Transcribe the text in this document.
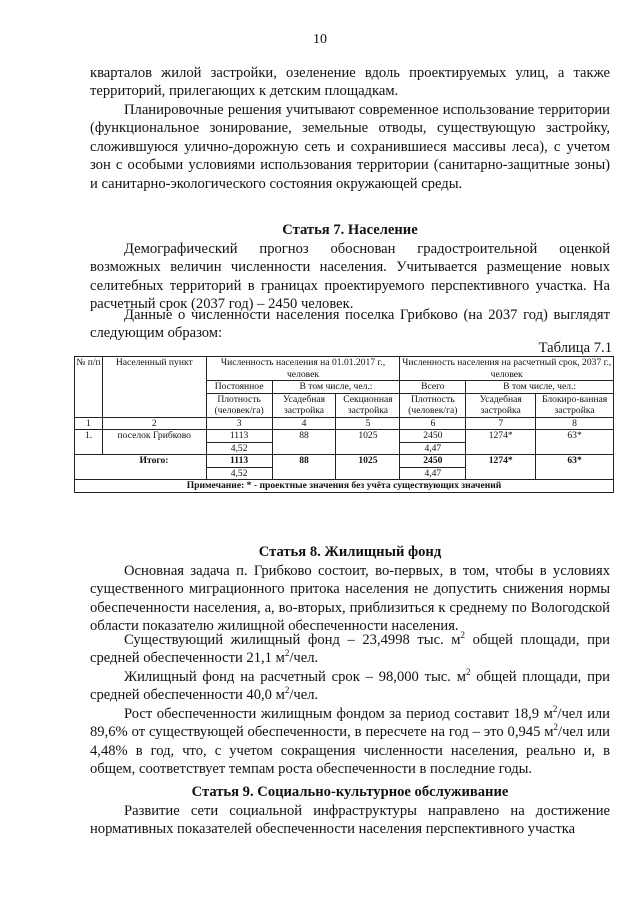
10
кварталов жилой застройки, озеленение вдоль проектируемых улиц, а также территорий, прилегающих к детским площадкам.
Планировочные решения учитывают современное использование территории (функциональное зонирование, земельные отводы, существующую застройку, сложившуюся улично-дорожную сеть и сохранившиеся массивы леса), с учетом зон с особыми условиями использования территории (санитарно-защитные зоны) и санитарно-экологического состояния окружающей среды.
Статья 7. Население
Демографический прогноз обоснован градостроительной оценкой возможных величин численности населения. Учитывается размещение новых селитебных территорий в границах проектируемого перспективного участка. На расчетный срок (2037 год) – 2450 человек.
Данные о численности населения поселка Грибково (на 2037 год) выглядят следующим образом:
Таблица 7.1
№ п/п	Населенный пункт	Численность населения на 01.01.2017 г., человек			Численность населения на расчетный срок, 2037 г., человек		
		Постоянное	В том числе, чел.:		Всего	В том числе, чел.:	
		Плотность (человек/га)	Усадебная застройка	Секционная застройка	Плотность (человек/га)	Усадебная застройка	Блокиро-ванная застройка
1	2	3	4	5	6	7	8
1.	поселок Грибково	1113	88	1025	2450	1274*	63*
		4,52			4,47		
	Итого:	1113	88	1025	2450	1274*	63*
		4,52			4,47		
Примечание: * - проектные значения без учёта существующих значений							
Статья 8. Жилищный фонд
Основная задача п. Грибково состоит, во-первых, в том, чтобы в условиях существенного миграционного притока населения не допустить снижения нормы обеспеченности населения, а, во-вторых, приблизиться к среднему по Вологодской области показателю жилищной обеспеченности населения.
Существующий жилищный фонд – 23,4998 тыс. $м^2$ общей площади, при средней обеспеченности 21,1 $м^2$/чел.
Жилищный фонд на расчетный срок – 98,000 тыс. $м^2$ общей площади, при средней обеспеченности 40,0 $м^2$/чел.
Рост обеспеченности жилищным фондом за период составит 18,9 $м^2$/чел или 89,6% от существующей обеспеченности, в пересчете на год – это 0,945 $м^2$/чел или 4,48% в год, что, с учетом сокращения численности населения, реально и, в общем, соответствует темпам роста обеспеченности в последние годы.
Статья 9. Социально-культурное обслуживание
Развитие сети социальной инфраструктуры направлено на достижение нормативных показателей обеспеченности населения перспективного участка
